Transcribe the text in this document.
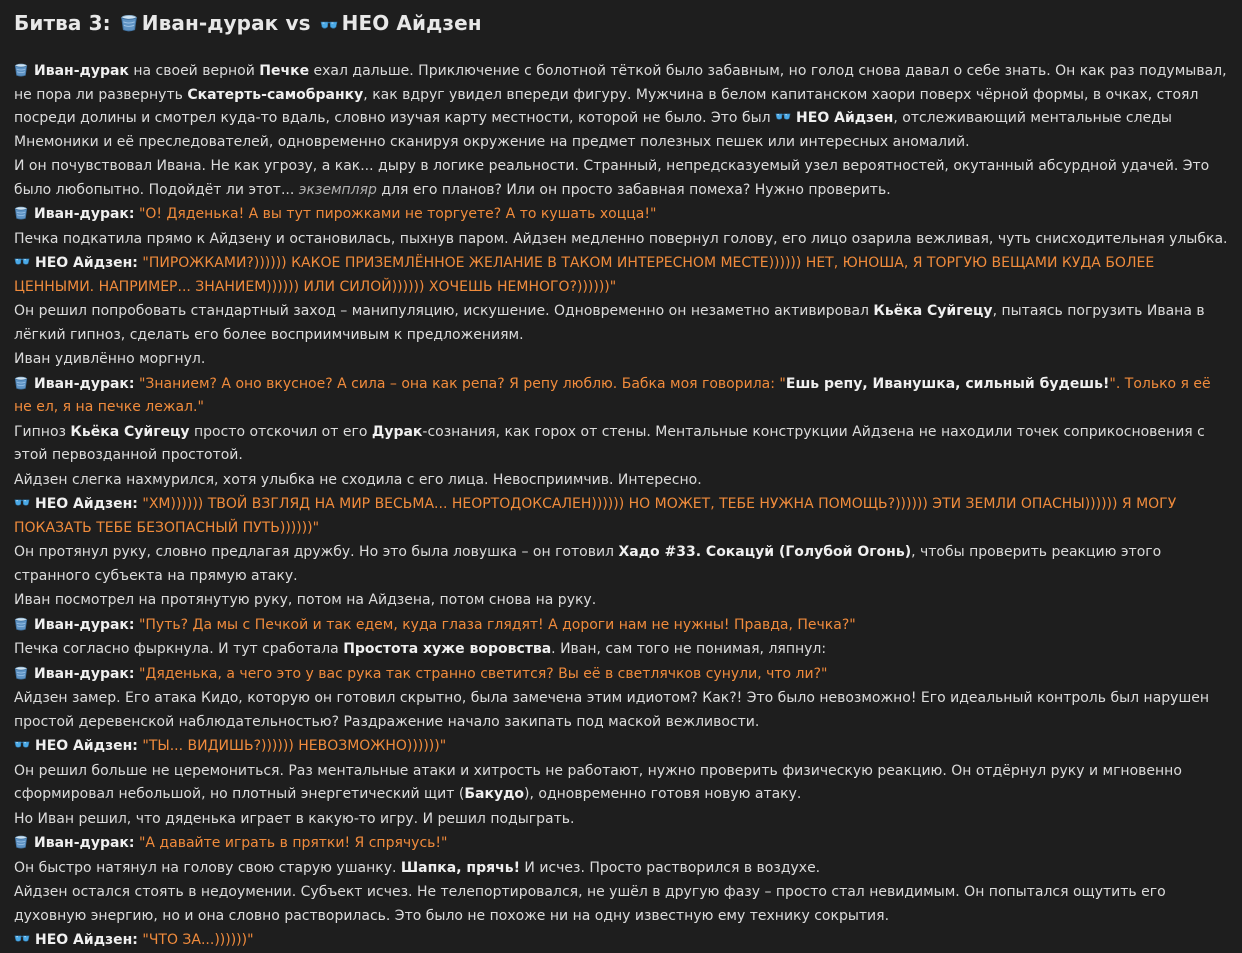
Битва 3: Иван-дурак vs НЕО Айдзен
Иван-дурак на своей верной Печке ехал дальше. Приключение с болотной тёткой было забавным, но голод снова давал о себе знать. Он как раз подумывал, не пора ли развернуть Скатерть-самобранку, как вдруг увидел впереди фигуру. Мужчина в белом капитанском хаори поверх чёрной формы, в очках, стоял посреди долины и смотрел куда-то вдаль, словно изучая карту местности, которой не было. Это был НЕО Айдзен, отслеживающий ментальные следы Мнемоники и её преследователей, одновременно сканируя окружение на предмет полезных пешек или интересных аномалий.
И он почувствовал Ивана. Не как угрозу, а как... дыру в логике реальности. Странный, непредсказуемый узел вероятностей, окутанный абсурдной удачей. Это было любопытно. Подойдёт ли этот... экземпляр для его планов? Или он просто забавная помеха? Нужно проверить.
Иван-дурак: "О! Дяденька! А вы тут пирожками не торгуете? А то кушать хоцца!"
Печка подкатила прямо к Айдзену и остановилась, пыхнув паром. Айдзен медленно повернул голову, его лицо озарила вежливая, чуть снисходительная улыбка.
НЕО Айдзен: "ПИРОЖКАМИ?)))))) КАКОЕ ПРИЗЕМЛЁННОЕ ЖЕЛАНИЕ В ТАКОМ ИНТЕРЕСНОМ МЕСТЕ)))))) НЕТ, ЮНОША, Я ТОРГУЮ ВЕЩАМИ КУДА БОЛЕЕ ЦЕННЫМИ. НАПРИМЕР... ЗНАНИЕМ)))))) ИЛИ СИЛОЙ)))))) ХОЧЕШЬ НЕМНОГО?))))))"
Он решил попробовать стандартный заход – манипуляцию, искушение. Одновременно он незаметно активировал Кьёка Суйгецу, пытаясь погрузить Ивана в лёгкий гипноз, сделать его более восприимчивым к предложениям.
Иван удивлённо моргнул.
Иван-дурак: "Знанием? А оно вкусное? А сила – она как репа? Я репу люблю. Бабка моя говорила: "Ешь репу, Иванушка, сильный будешь!". Только я её не ел, я на печке лежал."
Гипноз Кьёка Суйгецу просто отскочил от его Дурак-сознания, как горох от стены. Ментальные конструкции Айдзена не находили точек соприкосновения с этой первозданной простотой.
Айдзен слегка нахмурился, хотя улыбка не сходила с его лица. Невосприимчив. Интересно.
НЕО Айдзен: "ХМ)))))) ТВОЙ ВЗГЛЯД НА МИР ВЕСЬМА... НЕОРТОДОКСАЛЕН)))))) НО МОЖЕТ, ТЕБЕ НУЖНА ПОМОЩЬ?)))))) ЭТИ ЗЕМЛИ ОПАСНЫ)))))) Я МОГУ ПОКАЗАТЬ ТЕБЕ БЕЗОПАСНЫЙ ПУТЬ))))))"
Он протянул руку, словно предлагая дружбу. Но это была ловушка – он готовил Хадо #33. Сокацуй (Голубой Огонь), чтобы проверить реакцию этого странного субъекта на прямую атаку.
Иван посмотрел на протянутую руку, потом на Айдзена, потом снова на руку.
Иван-дурак: "Путь? Да мы с Печкой и так едем, куда глаза глядят! А дороги нам не нужны! Правда, Печка?"
Печка согласно фыркнула. И тут сработала Простота хуже воровства. Иван, сам того не понимая, ляпнул:
Иван-дурак: "Дяденька, а чего это у вас рука так странно светится? Вы её в светлячков сунули, что ли?"
Айдзен замер. Его атака Кидо, которую он готовил скрытно, была замечена этим идиотом? Как?! Это было невозможно! Его идеальный контроль был нарушен простой деревенской наблюдательностью? Раздражение начало закипать под маской вежливости.
НЕО Айдзен: "ТЫ... ВИДИШЬ?)))))) НЕВОЗМОЖНО))))))"
Он решил больше не церемониться. Раз ментальные атаки и хитрость не работают, нужно проверить физическую реакцию. Он отдёрнул руку и мгновенно сформировал небольшой, но плотный энергетический щит (Бакудо), одновременно готовя новую атаку.
Но Иван решил, что дяденька играет в какую-то игру. И решил подыграть.
Иван-дурак: "А давайте играть в прятки! Я спрячусь!"
Он быстро натянул на голову свою старую ушанку. Шапка, прячь! И исчез. Просто растворился в воздухе.
Айдзен остался стоять в недоумении. Субъект исчез. Не телепортировался, не ушёл в другую фазу – просто стал невидимым. Он попытался ощутить его духовную энергию, но и она словно растворилась. Это было не похоже ни на одну известную ему технику сокрытия.
НЕО Айдзен: "ЧТО ЗА...))))))"
